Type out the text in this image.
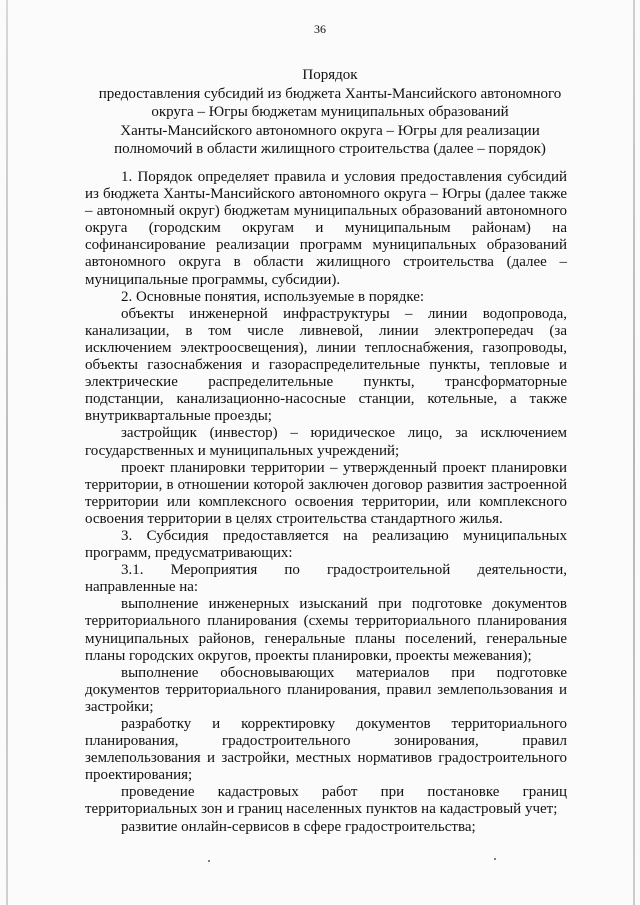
36
Порядок
предоставления субсидий из бюджета Ханты-Мансийского автономного
округа – Югры бюджетам муниципальных образований
Ханты-Мансийского автономного округа – Югры для реализации
полномочий в области жилищного строительства (далее – порядок)

1. Порядок определяет правила и условия предоставления субсидий из бюджета Ханты-Мансийского автономного округа – Югры (далее также – автономный округ) бюджетам муниципальных образований автономного округа (городским округам и муниципальным районам) на софинансирование реализации программ муниципальных образований автономного округа в области жилищного строительства (далее – муниципальные программы, субсидии).

2. Основные понятия, используемые в порядке:

объекты инженерной инфраструктуры – линии водопровода, канализации, в том числе ливневой, линии электропередач (за исключением электроосвещения), линии теплоснабжения, газопроводы, объекты газоснабжения и газораспределительные пункты, тепловые и электрические распределительные пункты, трансформаторные подстанции, канализационно-насосные станции, котельные, а также внутриквартальные проезды;

застройщик (инвестор) – юридическое лицо, за исключением государственных и муниципальных учреждений;

проект планировки территории – утвержденный проект планировки территории, в отношении которой заключен договор развития застроенной территории или комплексного освоения территории, или комплексного освоения территории в целях строительства стандартного жилья.

3. Субсидия предоставляется на реализацию муниципальных программ, предусматривающих:

3.1. Мероприятия по градостроительной деятельности, направленные на:

выполнение инженерных изысканий при подготовке документов территориального планирования (схемы территориального планирования муниципальных районов, генеральные планы поселений, генеральные планы городских округов, проекты планировки, проекты межевания);

выполнение обосновывающих материалов при подготовке документов территориального планирования, правил землепользования и застройки;

разработку и корректировку документов территориального планирования, градостроительного зонирования, правил землепользования и застройки, местных нормативов градостроительного проектирования;

проведение кадастровых работ при постановке границ территориальных зон и границ населенных пунктов на кадастровый учет;

развитие онлайн-сервисов в сфере градостроительства;
